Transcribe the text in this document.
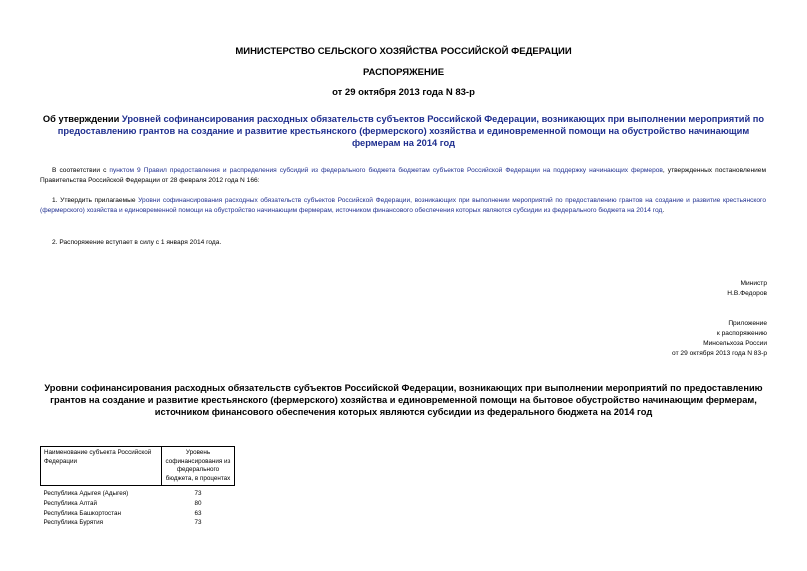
МИНИСТЕРСТВО СЕЛЬСКОГО ХОЗЯЙСТВА РОССИЙСКОЙ ФЕДЕРАЦИИ
РАСПОРЯЖЕНИЕ
от 29 октября 2013 года N 83-р
Об утверждении Уровней софинансирования расходных обязательств субъектов Российской Федерации, возникающих при выполнении мероприятий по предоставлению грантов на создание и развитие крестьянского (фермерского) хозяйства и единовременной помощи на обустройство начинающим фермерам на 2014 год
В соответствии с пунктом 9 Правил предоставления и распределения субсидий из федерального бюджета бюджетам субъектов Российской Федерации на поддержку начинающих фермеров, утвержденных постановлением Правительства Российской Федерации от 28 февраля 2012 года N 166:
1. Утвердить прилагаемые Уровни софинансирования расходных обязательств субъектов Российской Федерации, возникающих при выполнении мероприятий по предоставлению грантов на создание и развитие крестьянского (фермерского) хозяйства и единовременной помощи на обустройство начинающим фермерам, источником финансового обеспечения которых являются субсидии из федерального бюджета на 2014 год.
2. Распоряжение вступает в силу с 1 января 2014 года.
Министр
Н.В.Федоров
Приложение
к распоряжению
Минсельхоза России
от 29 октября 2013 года N 83-р
Уровни софинансирования расходных обязательств субъектов Российской Федерации, возникающих при выполнении мероприятий по предоставлению грантов на создание и развитие крестьянского (фермерского) хозяйства и единовременной помощи на бытовое обустройство начинающим фермерам, источником финансового обеспечения которых являются субсидии из федерального бюджета на 2014 год
Наименование субъекта Российской Федерации	Уровень софинансирования из федерального бюджета, в процентах
Республика Адыгея (Адыгея)	73
Республика Алтай	80
Республика Башкортостан	63
Республика Бурятия	73
